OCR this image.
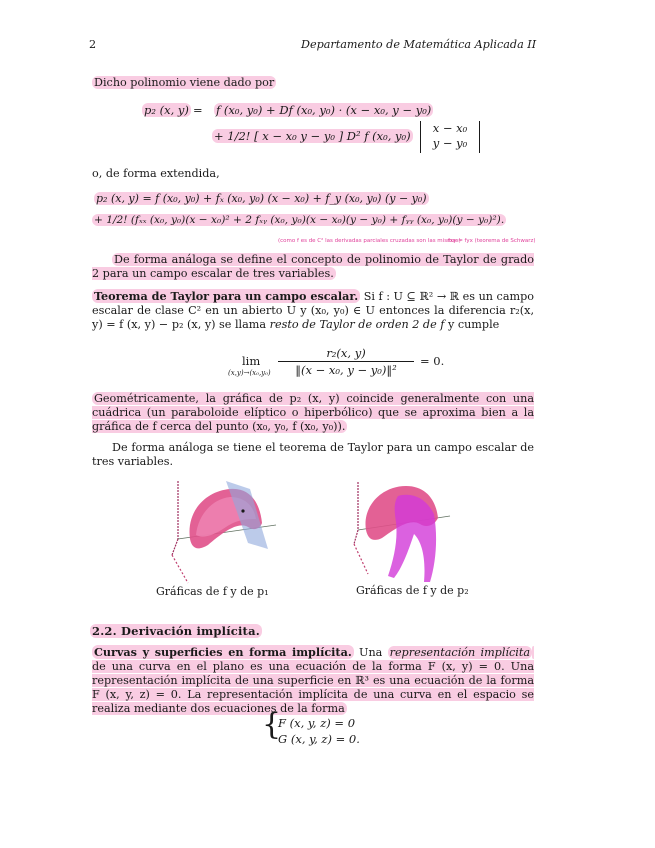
2	Departamento de Matemática Aplicada II
Dicho polinomio viene dado por
p₂ (x, y) = f (x₀, y₀) + Df (x₀, y₀) · (x − x₀, y − y₀)
+ 1/2! [ x − x₀ y − y₀ ] D² f (x₀, y₀)
x − x₀
y − y₀
o, de forma extendida,
p₂ (x, y) = f (x₀, y₀) + fₓ (x₀, y₀) (x − x₀) + f_y (x₀, y₀) (y − y₀)
+ 1/2! (fₓₓ (x₀, y₀)(x − x₀)² + 2 fₓᵧ (x₀, y₀)(x − x₀)(y − y₀) + fᵧᵧ (x₀, y₀)(y − y₀)²).
(como f es de C² las derivadas parciales cruzadas son las mismas)
fxy = fyx (teorema de Schwarz)
De forma análoga se define el concepto de polinomio de Taylor de grado 2 para un campo escalar de tres variables.
Teorema de Taylor para un campo escalar. Si f : U ⊆ ℝ² → ℝ es un campo escalar de clase C² en un abierto U y (x₀, y₀) ∈ U entonces la diferencia r₂(x, y) = f (x, y) − p₂ (x, y) se llama resto de Taylor de orden 2 de f y cumple
lim
(x,y)→(x₀,y₀)
r₂(x, y)
‖(x − x₀, y − y₀)‖²
= 0.
Geométricamente, la gráfica de p₂ (x, y) coincide generalmente con una cuádrica (un paraboloide elíptico o hiperbólico) que se aproxima bien a la gráfica de f cerca del punto (x₀, y₀, f (x₀, y₀)).
De forma análoga se tiene el teorema de Taylor para un campo escalar de tres variables.
Gráficas de f y de p₁	Gráficas de f y de p₂
2.2. Derivación implícita.
Curvas y superficies en forma implícita. Una representación implícita de una curva en el plano es una ecuación de la forma F (x, y) = 0. Una representación implícita de una superficie en ℝ³ es una ecuación de la forma F (x, y, z) = 0. La representación implícita de una curva en el espacio se realiza mediante dos ecuaciones de la forma
{
F (x, y, z) = 0
G (x, y, z) = 0.
